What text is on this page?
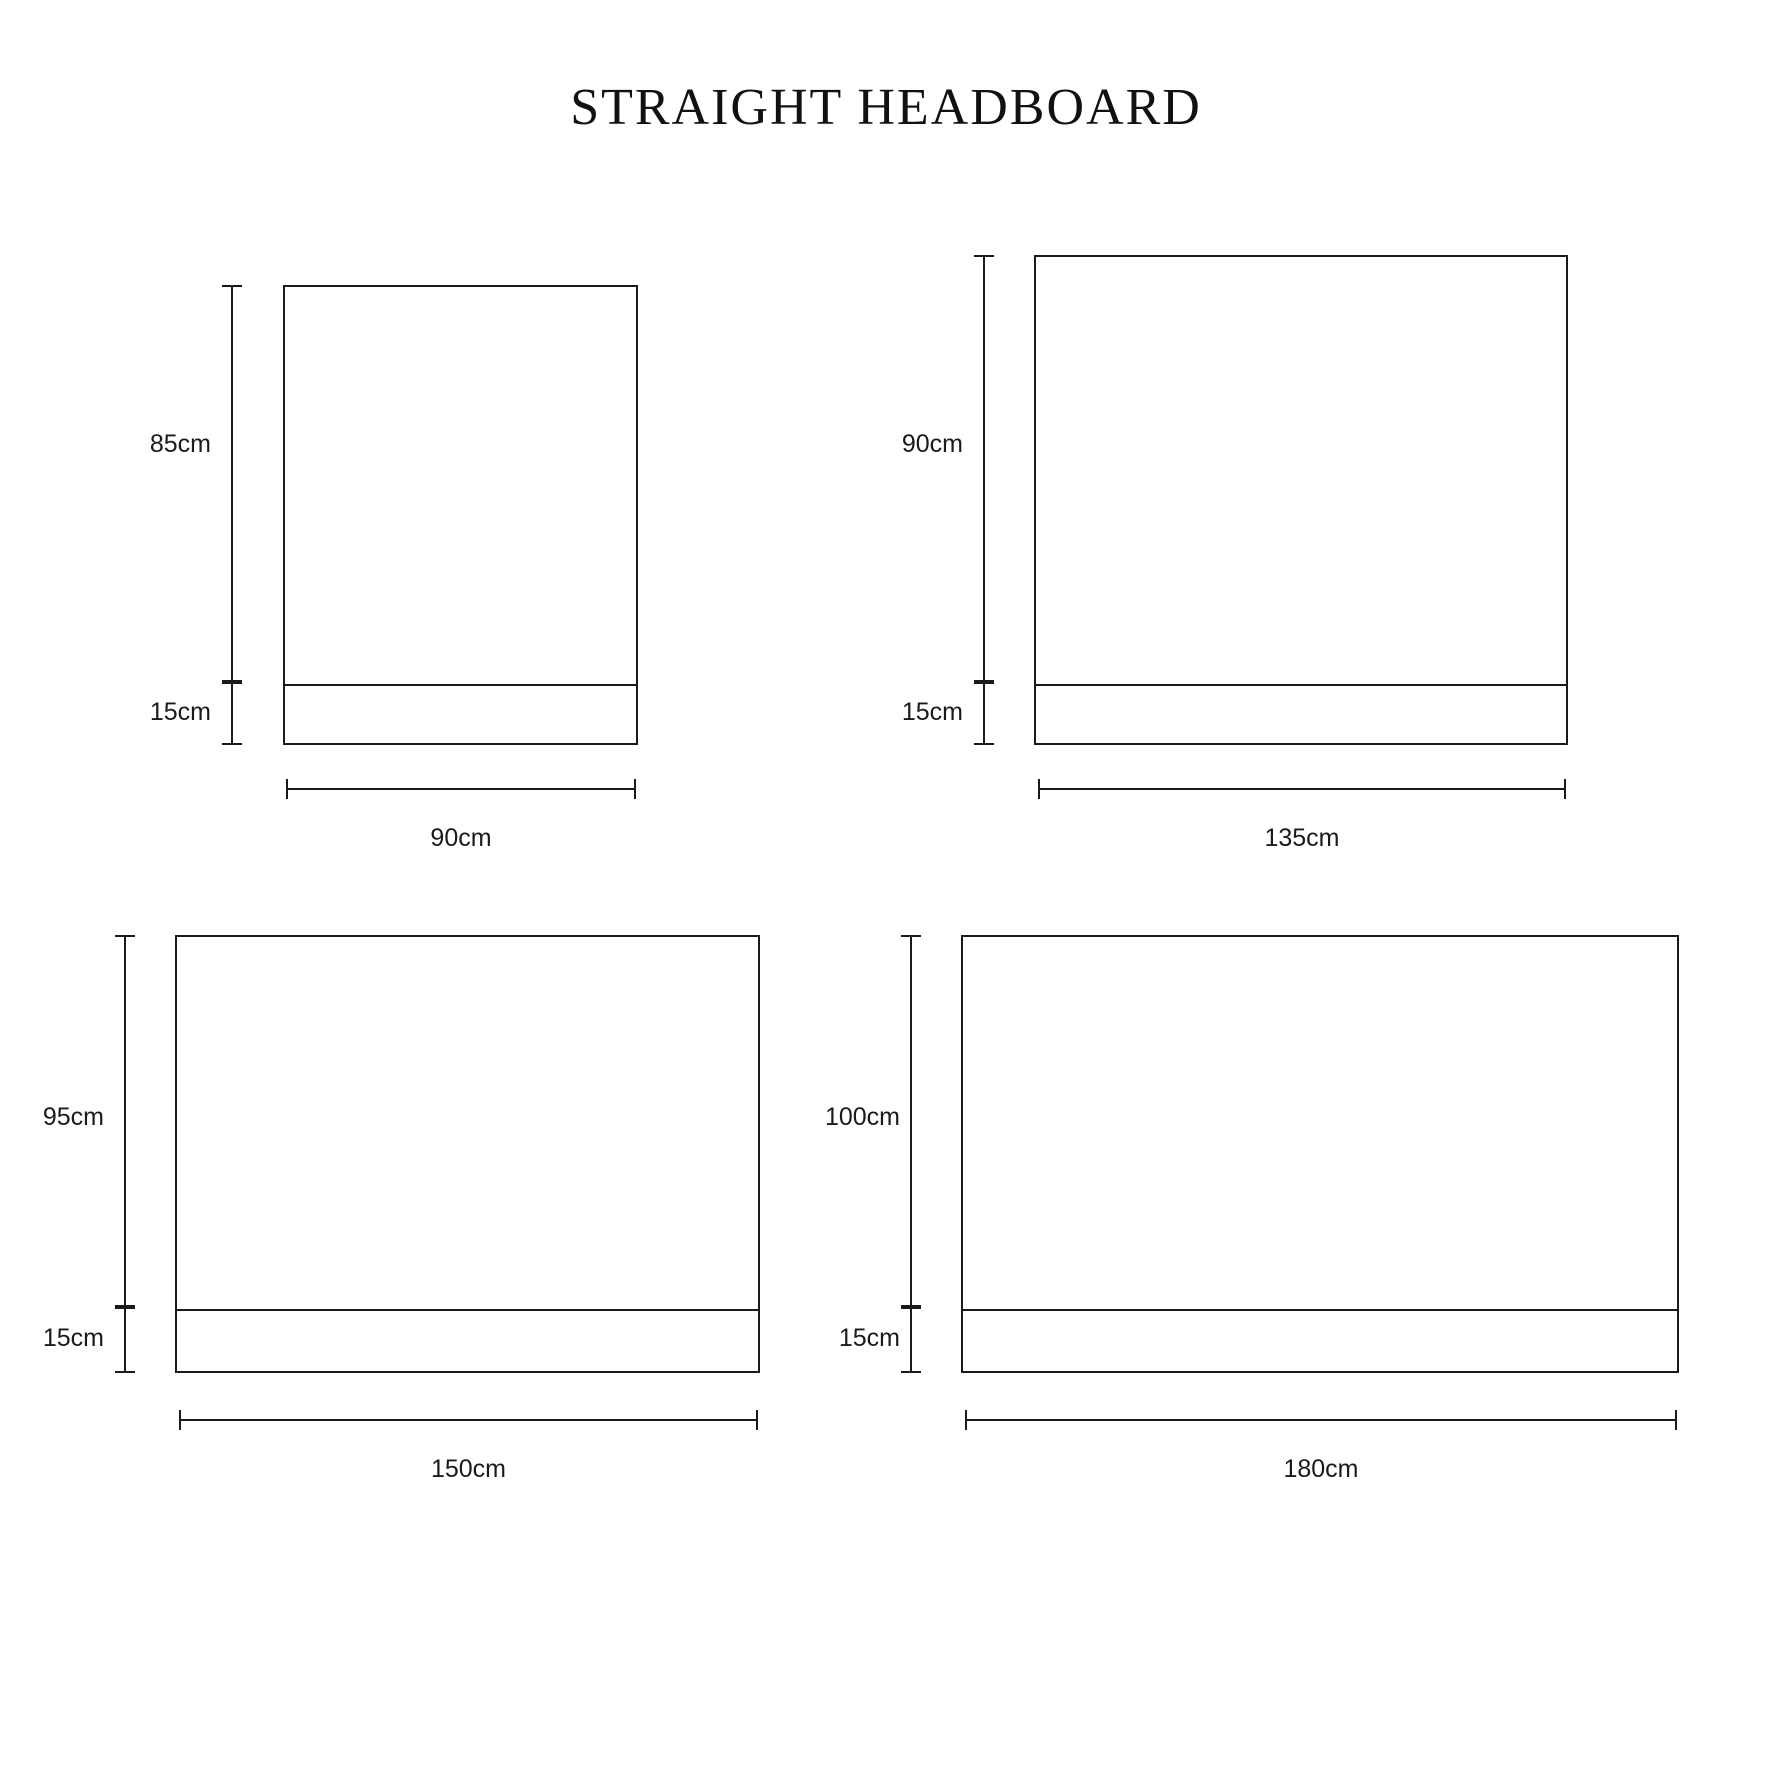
STRAIGHT HEADBOARD
85cm
15cm
90cm
90cm
15cm
135cm
95cm
15cm
150cm
100cm
15cm
180cm
